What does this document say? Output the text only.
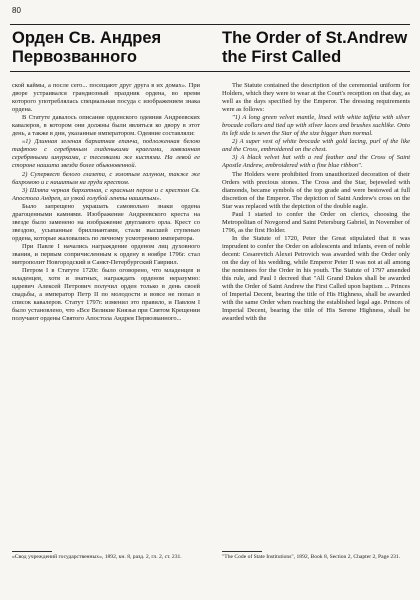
80
Орден Св. Андрея
Первозванного
The Order of St.Andrew
the First Called

ской каймы, а после сего... посещают друг друга в их домах». При дворе устраивался грандиозный праздник ордена, во время которого употреблялась специальная посуда с изображением знака ордена.

В Статуте давалось описание орденского одеяния Андреевских кавалеров, в котором они должны были являться ко двору в этот день, а также в дни, указанные императором. Одеяние составляли:

«1) Длинная зеленая бархатная епанча, подложенная белою тафтою с серебряным гладенькими краегами, завязанная серебряными шнурками, с тесемками же кистями. На левой ее стороне нашита звезда более обыкновенной.

2) Супервест белого глазета, с золотым галуном, также же бахромою и с нашитым на груди крестом.

3) Шляпа черная бархатная, с красным пером и с крестом Св. Апостола Андрея, из узкой голубой ленты нашитым».

Было запрещено украшать самовольно знаки ордена драгоценными камнями. Изображение Андреевского креста на звезде было заменено на изображение двуглавого орла. Крест со звездою, усыпанные бриллиантами, стали высшей ступенью ордена, которые жаловались по личному усмотрению императора.

При Павле I начались награждение орденом лиц духовного звания, и первым сопричисленным к ордену в ноябре 1796г. стал митрополит Новгородский и Санкт-Петербургский Гавриил.

Петром I в Статуте 1720г. было оговорено, что младенцев и младенцев, хотя и знатных, награждать орденом неразумно: царевич Алексей Петрович получил орден только в день своей свадьбы, а император Петр II по молодости и вовсе не попал в список кавалеров. Статут 1797г. изменил это правило, и Павлом I было установлено, что «Все Великие Князья при Святом Крещении получают ордены Святого Апостола Андрея Первозванного...

The Statute contained the description of the ceremonial uniform for Holders, which they were to wear at the Court's reception on that day, as well as the days specified by the Emperor. The dressing requirements were as follows:

"1) A long green velvet mantle, lined with white taffeta with silver brocade collars and tied up with silver laces and brushes suchlike. Onto its left side is sewn the Star of the size bigger than normal.

2) A super vest of white brocade with gold lacing, purl of the like and the Cross, embroidered on the chest.

3) A black velvet hat with a red feather and the Cross of Saint Apostle Andrew, embroidered with a fine blue ribbon".

The Holders were prohibited from unauthorized decoration of their Orders with precious stones. The Cross and the Star, bejeweled with diamonds, became symbols of the top grade and were bestowed at full discretion of the Emperor. The depiction of Saint Andrew's cross on the Star was replaced with the depiction of the double eagle.

Paul I started to confer the Order on clerics, choosing the Metropolitan of Novgorod and Saint Petersburg Gabriel, in November of 1796, as the first Holder.

In the Statute of 1720, Peter the Great stipulated that it was imprudent to confer the Order on adolescents and infants, even of noble decent: Cesarevitch Alexei Petrovich was awarded with the Order only on the day of his wedding, while Emperor Peter II was not at all among the nominees for the Order in his youth. The Statute of 1797 amended this rule, and Paul I decreed that "All Grand Dukes shall be awarded with the Order of Saint Andrew the First Called upon baptism ... Princes of Imperial Decent, bearing the title of His Highness, shall be awarded with the same Order when reaching the established legal age. Princes of Imperial Decent, bearing the title of His Serene Highness, shall be awarded with the

«Свод учреждений государственных», 1892, кн. 8, разд. 2, гл. 2, ст. 231.	"The Code of State Institutions", 1892, Book 8, Section 2, Chapter 2, Page 231.
